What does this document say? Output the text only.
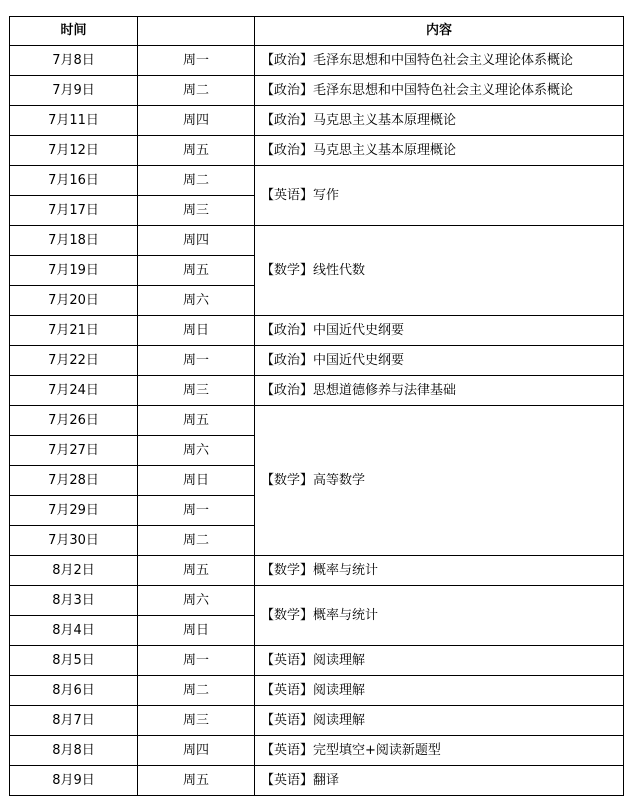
时间		内容
7月8日	周一	【政治】毛泽东思想和中国特色社会主义理论体系概论
7月9日	周二	【政治】毛泽东思想和中国特色社会主义理论体系概论
7月11日	周四	【政治】马克思主义基本原理概论
7月12日	周五	【政治】马克思主义基本原理概论
7月16日	周二	【英语】写作
7月17日	周三	
7月18日	周四	【数学】线性代数
7月19日	周五	
7月20日	周六	
7月21日	周日	【政治】中国近代史纲要
7月22日	周一	【政治】中国近代史纲要
7月24日	周三	【政治】思想道德修养与法律基础
7月26日	周五	【数学】高等数学
7月27日	周六	
7月28日	周日	
7月29日	周一	
7月30日	周二	
8月2日	周五	【数学】概率与统计
8月3日	周六	【数学】概率与统计
8月4日	周日	
8月5日	周一	【英语】阅读理解
8月6日	周二	【英语】阅读理解
8月7日	周三	【英语】阅读理解
8月8日	周四	【英语】完型填空+阅读新题型
8月9日	周五	【英语】翻译
